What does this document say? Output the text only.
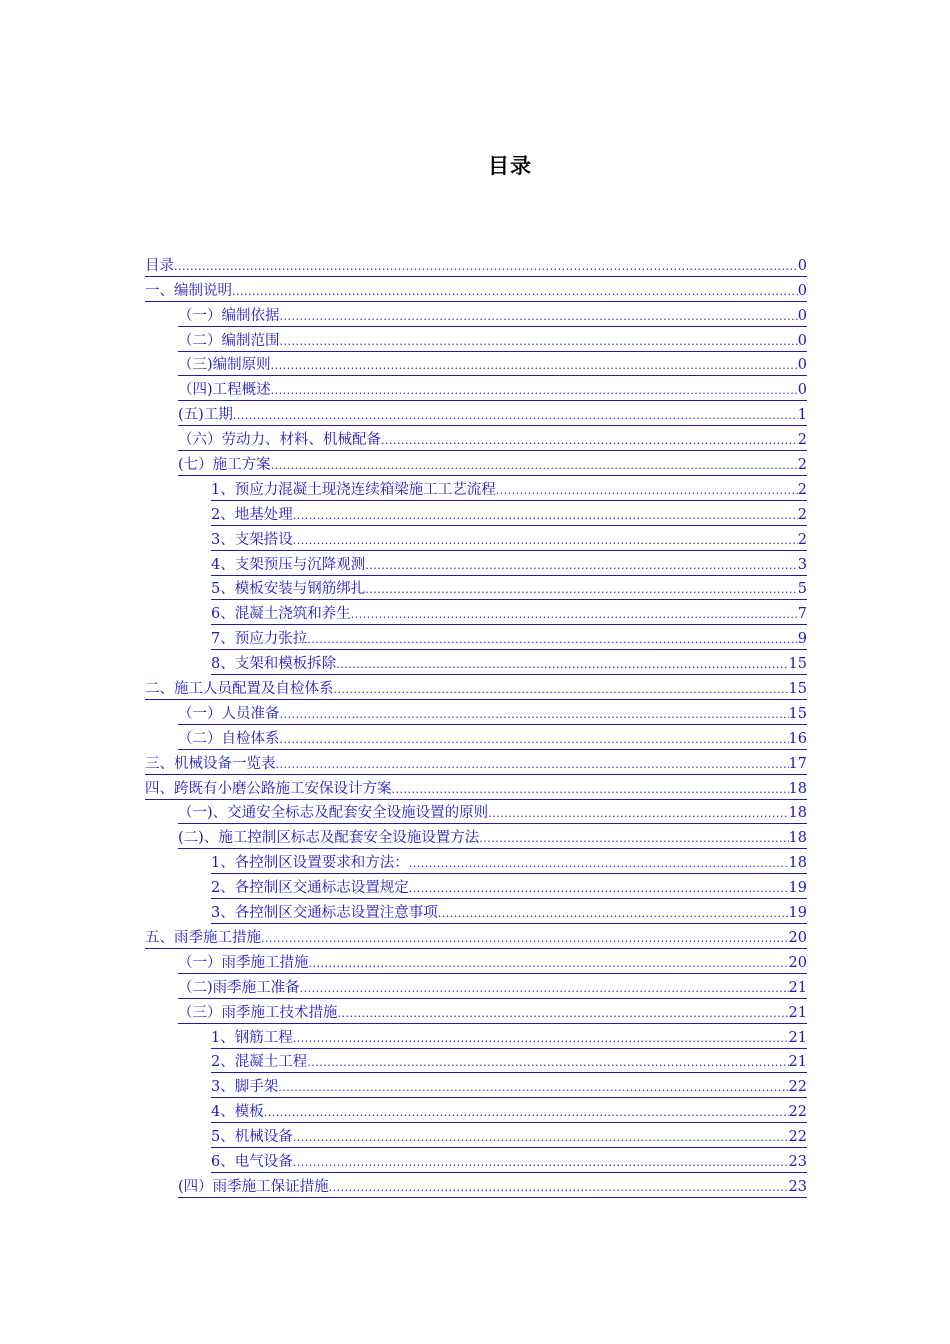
目录
目录 .....	0
一、编制说明 .....	0
（一）编制依据 .....	0
（二）编制范围 .....	0
（三)编制原则 .....	0
（四)工程概述 .....	0
(五)工期 .....	1
（六）劳动力、材料、机械配备 .....	2
(七）施工方案 .....	2
1、预应力混凝土现浇连续箱梁施工工艺流程 .....	2
2、地基处理 .....	2
3、支架搭设 .....	2
4、支架预压与沉降观测 .....	3
5、模板安装与钢筋绑扎 .....	5
6、混凝土浇筑和养生 .....	7
7、预应力张拉 .....	9
8、支架和模板拆除 .....	15
二、施工人员配置及自检体系 .....	15
（一）人员准备 .....	15
（二）自检体系 .....	16
三、机械设备一览表 .....	17
四、跨既有小磨公路施工安保设计方案 .....	18
（一)、交通安全标志及配套安全设施设置的原则 .....	18
(二)、施工控制区标志及配套安全设施设置方法 .....	18
1、各控制区设置要求和方法： .....	18
2、各控制区交通标志设置规定 .....	19
3、各控制区交通标志设置注意事项 .....	19
五、雨季施工措施 .....	20
（一）雨季施工措施 .....	20
（二)雨季施工准备 .....	21
（三）雨季施工技术措施 .....	21
1、钢筋工程 .....	21
2、混凝土工程 .....	21
3、脚手架 .....	22
4、模板 .....	22
5、机械设备 .....	22
6、电气设备 .....	23
(四）雨季施工保证措施 .....	23
